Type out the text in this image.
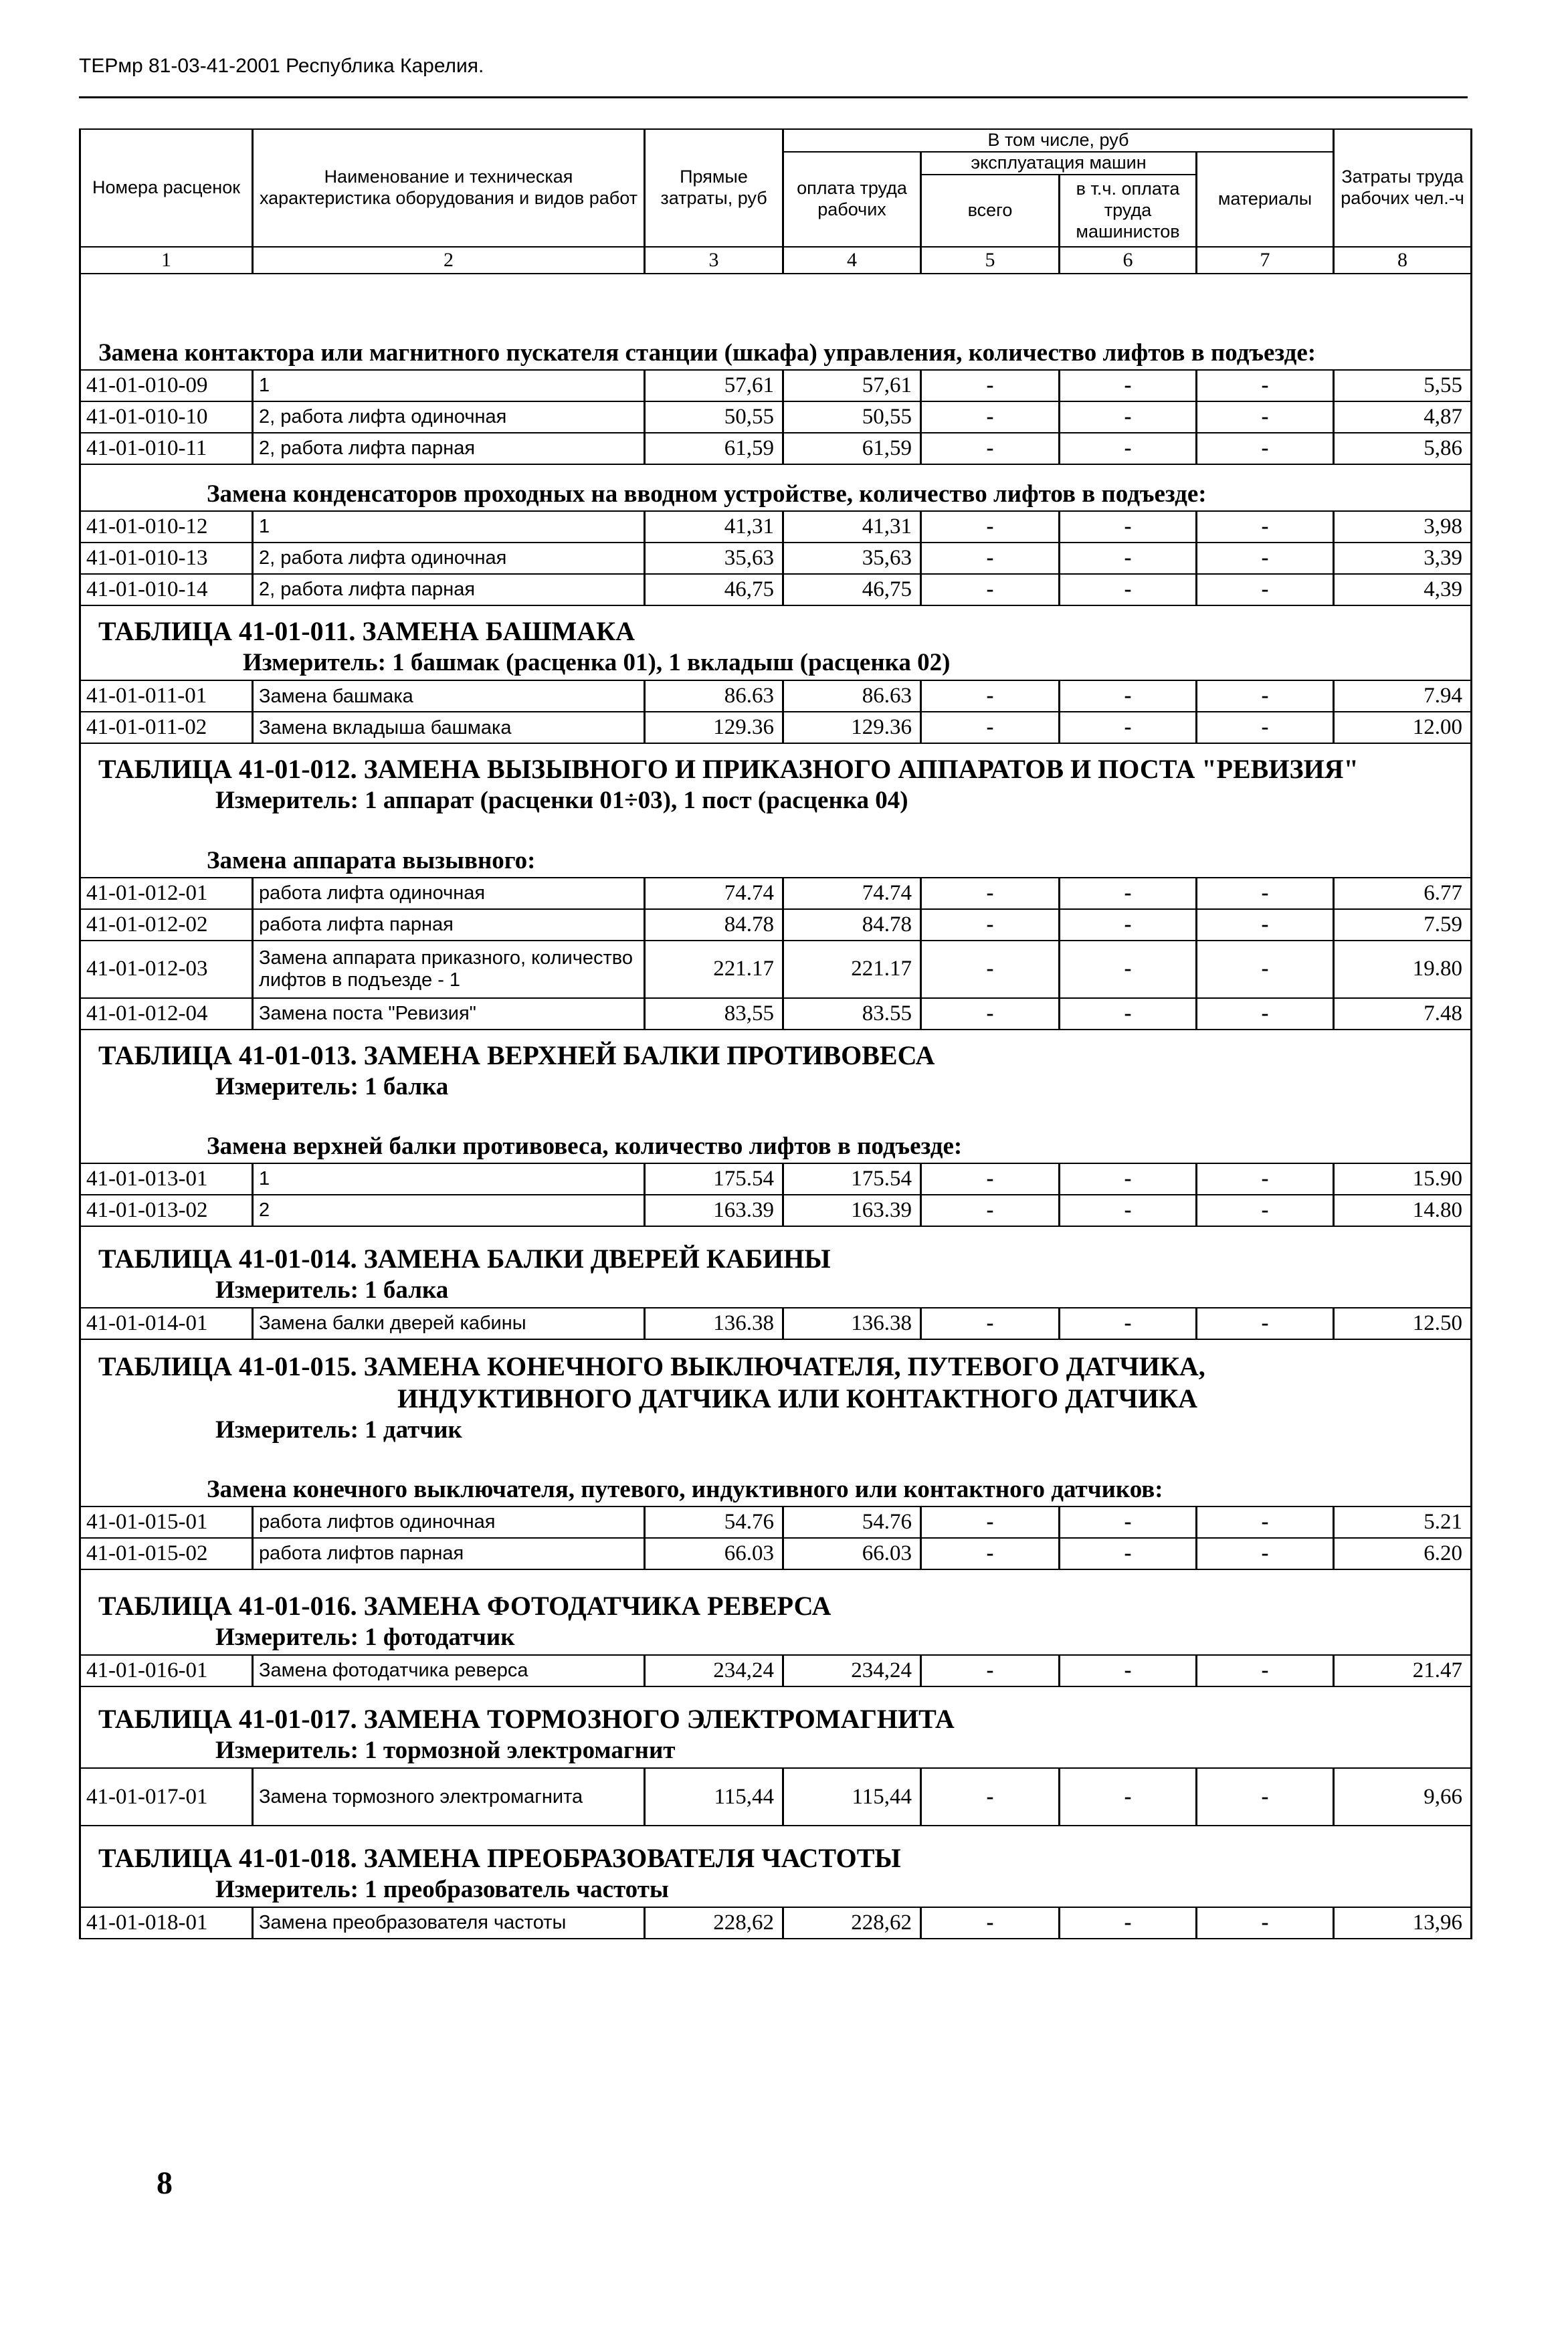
ТЕРмр 81-03-41-2001 Республика Карелия.
Номера расценок	Наименование и техническая характеристика оборудования и видов работ	Прямые затраты, руб	В том числе, руб				Затраты труда рабочих чел.-ч
			оплата труда рабочих	эксплуатация машин		материалы	
				всего	в т.ч. оплата труда машинистов		
1	2	3	4	5	6	7	8

Замена контактора или магнитного пускателя станции (шкафа) управления, количество лифтов в подъезде:							

41-01-010-09	1	57,61	57,61	-	-	-	5,55
41-01-010-10	2, работа лифта одиночная	50,55	50,55	-	-	-	4,87
41-01-010-11	2, работа лифта парная	61,59	61,59	-	-	-	5,86

Замена конденсаторов проходных на вводном устройстве, количество лифтов в подъезде:							

41-01-010-12	1	41,31	41,31	-	-	-	3,98
41-01-010-13	2, работа лифта одиночная	35,63	35,63	-	-	-	3,39
41-01-010-14	2, работа лифта парная	46,75	46,75	-	-	-	4,39

ТАБЛИЦА 41-01-011. ЗАМЕНА БАШМАКА
Измеритель: 1 башмак (расценка 01), 1 вкладыш (расценка 02)							

41-01-011-01	Замена башмака	86.63	86.63	-	-	-	7.94
41-01-011-02	Замена вкладыша башмака	129.36	129.36	-	-	-	12.00

ТАБЛИЦА 41-01-012. ЗАМЕНА ВЫЗЫВНОГО И ПРИКАЗНОГО АППАРАТОВ И ПОСТА "РЕВИЗИЯ"
Измеритель: 1 аппарат (расценки 01÷03), 1 пост (расценка 04)
Замена аппарата вызывного:							

41-01-012-01	работа лифта одиночная	74.74	74.74	-	-	-	6.77
41-01-012-02	работа лифта парная	84.78	84.78	-	-	-	7.59
41-01-012-03	Замена аппарата приказного, количество лифтов в подъезде - 1	221.17	221.17	-	-	-	19.80
41-01-012-04	Замена поста "Ревизия"	83,55	83.55	-	-	-	7.48

ТАБЛИЦА 41-01-013. ЗАМЕНА ВЕРХНЕЙ БАЛКИ ПРОТИВОВЕСА
Измеритель: 1 балка
Замена верхней балки противовеса, количество лифтов в подъезде:							

41-01-013-01	1	175.54	175.54	-	-	-	15.90
41-01-013-02	2	163.39	163.39	-	-	-	14.80

ТАБЛИЦА 41-01-014. ЗАМЕНА БАЛКИ ДВЕРЕЙ КАБИНЫ
Измеритель: 1 балка							

41-01-014-01	Замена балки дверей кабины	136.38	136.38	-	-	-	12.50

ТАБЛИЦА 41-01-015. ЗАМЕНА КОНЕЧНОГО ВЫКЛЮЧАТЕЛЯ, ПУТЕВОГО ДАТЧИКА,
ИНДУКТИВНОГО ДАТЧИКА ИЛИ КОНТАКТНОГО ДАТЧИКА
Измеритель: 1 датчик
Замена конечного выключателя, путевого, индуктивного или контактного датчиков:							

41-01-015-01	работа лифтов одиночная	54.76	54.76	-	-	-	5.21
41-01-015-02	работа лифтов парная	66.03	66.03	-	-	-	6.20

ТАБЛИЦА 41-01-016. ЗАМЕНА ФОТОДАТЧИКА РЕВЕРСА
Измеритель: 1 фотодатчик							

41-01-016-01	Замена фотодатчика реверса	234,24	234,24	-	-	-	21.47

ТАБЛИЦА 41-01-017. ЗАМЕНА ТОРМОЗНОГО ЭЛЕКТРОМАГНИТА
Измеритель: 1 тормозной электромагнит							

41-01-017-01	Замена тормозного электромагнита	115,44	115,44	-	-	-	9,66

ТАБЛИЦА 41-01-018. ЗАМЕНА ПРЕОБРАЗОВАТЕЛЯ ЧАСТОТЫ
Измеритель: 1 преобразователь частоты							

41-01-018-01	Замена преобразователя частоты	228,62	228,62	-	-	-	13,96
8
